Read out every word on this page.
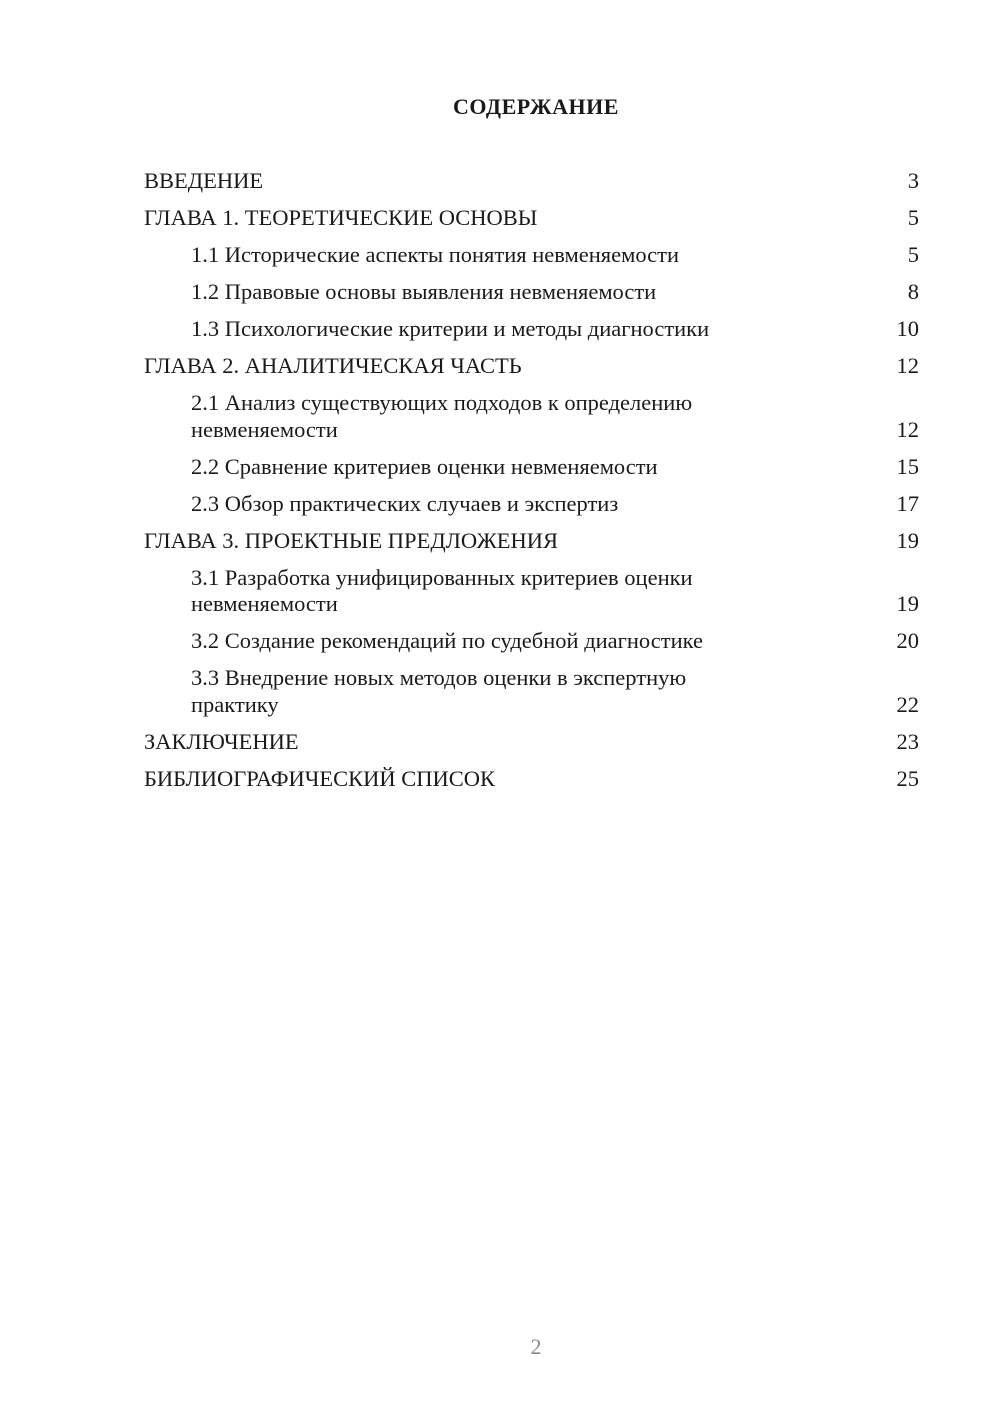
СОДЕРЖАНИЕ
ВВЕДЕНИЕ	3
ГЛАВА 1. ТЕОРЕТИЧЕСКИЕ ОСНОВЫ	5
1.1 Исторические аспекты понятия невменяемости	5
1.2 Правовые основы выявления невменяемости	8
1.3 Психологические критерии и методы диагностики	10
ГЛАВА 2. АНАЛИТИЧЕСКАЯ ЧАСТЬ	12
2.1 Анализ существующих подходов к определению невменяемости	12
2.2 Сравнение критериев оценки невменяемости	15
2.3 Обзор практических случаев и экспертиз	17
ГЛАВА 3. ПРОЕКТНЫЕ ПРЕДЛОЖЕНИЯ	19
3.1 Разработка унифицированных критериев оценки невменяемости	19
3.2 Создание рекомендаций по судебной диагностике	20
3.3 Внедрение новых методов оценки в экспертную практику	22
ЗАКЛЮЧЕНИЕ	23
БИБЛИОГРАФИЧЕСКИЙ СПИСОК	25
2
